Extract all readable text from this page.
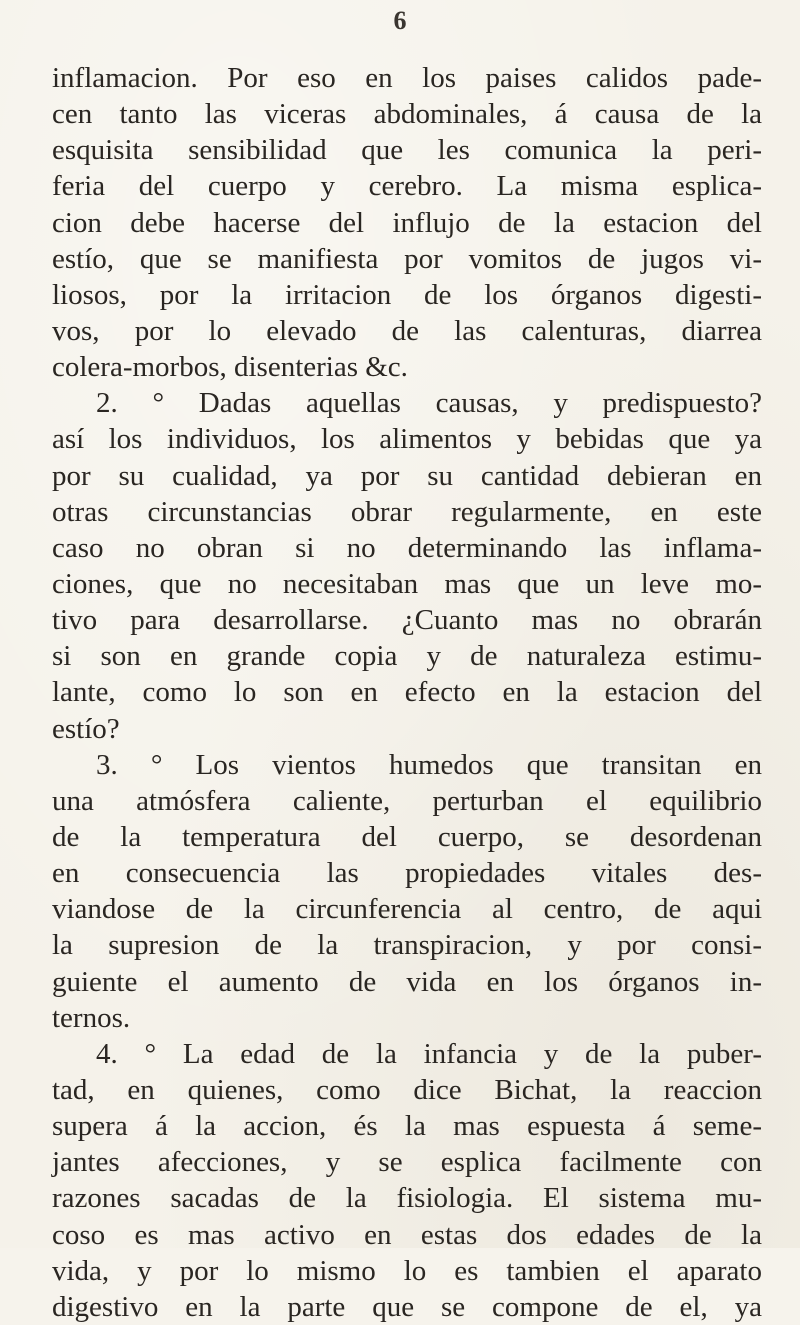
6
inflamacion. Por eso en los paises calidos pade-
cen tanto las viceras abdominales, á causa de la
esquisita sensibilidad que les comunica la peri-
feria del cuerpo y cerebro. La misma esplica-
cion debe hacerse del influjo de la estacion del
estío, que se manifiesta por vomitos de jugos vi-
liosos, por la irritacion de los órganos digesti-
vos, por lo elevado de las calenturas, diarrea
colera-morbos, disenterias &c.
2. ° Dadas aquellas causas, y predispuesto?
así los individuos, los alimentos y bebidas que ya
por su cualidad, ya por su cantidad debieran en
otras circunstancias obrar regularmente, en este
caso no obran si no determinando las inflama-
ciones, que no necesitaban mas que un leve mo-
tivo para desarrollarse. ¿Cuanto mas no obrarán
si son en grande copia y de naturaleza estimu-
lante, como lo son en efecto en la estacion del
estío?
3. ° Los vientos humedos que transitan en
una atmósfera caliente, perturban el equilibrio
de la temperatura del cuerpo, se desordenan
en consecuencia las propiedades vitales des-
viandose de la circunferencia al centro, de aqui
la supresion de la transpiracion, y por consi-
guiente el aumento de vida en los órganos in-
ternos.
4. ° La edad de la infancia y de la puber-
tad, en quienes, como dice Bichat, la reaccion
supera á la accion, és la mas espuesta á seme-
jantes afecciones, y se esplica facilmente con
razones sacadas de la fisiologia. El sistema mu-
coso es mas activo en estas dos edades de la
vida, y por lo mismo lo es tambien el aparato
digestivo en la parte que se compone de el, ya
